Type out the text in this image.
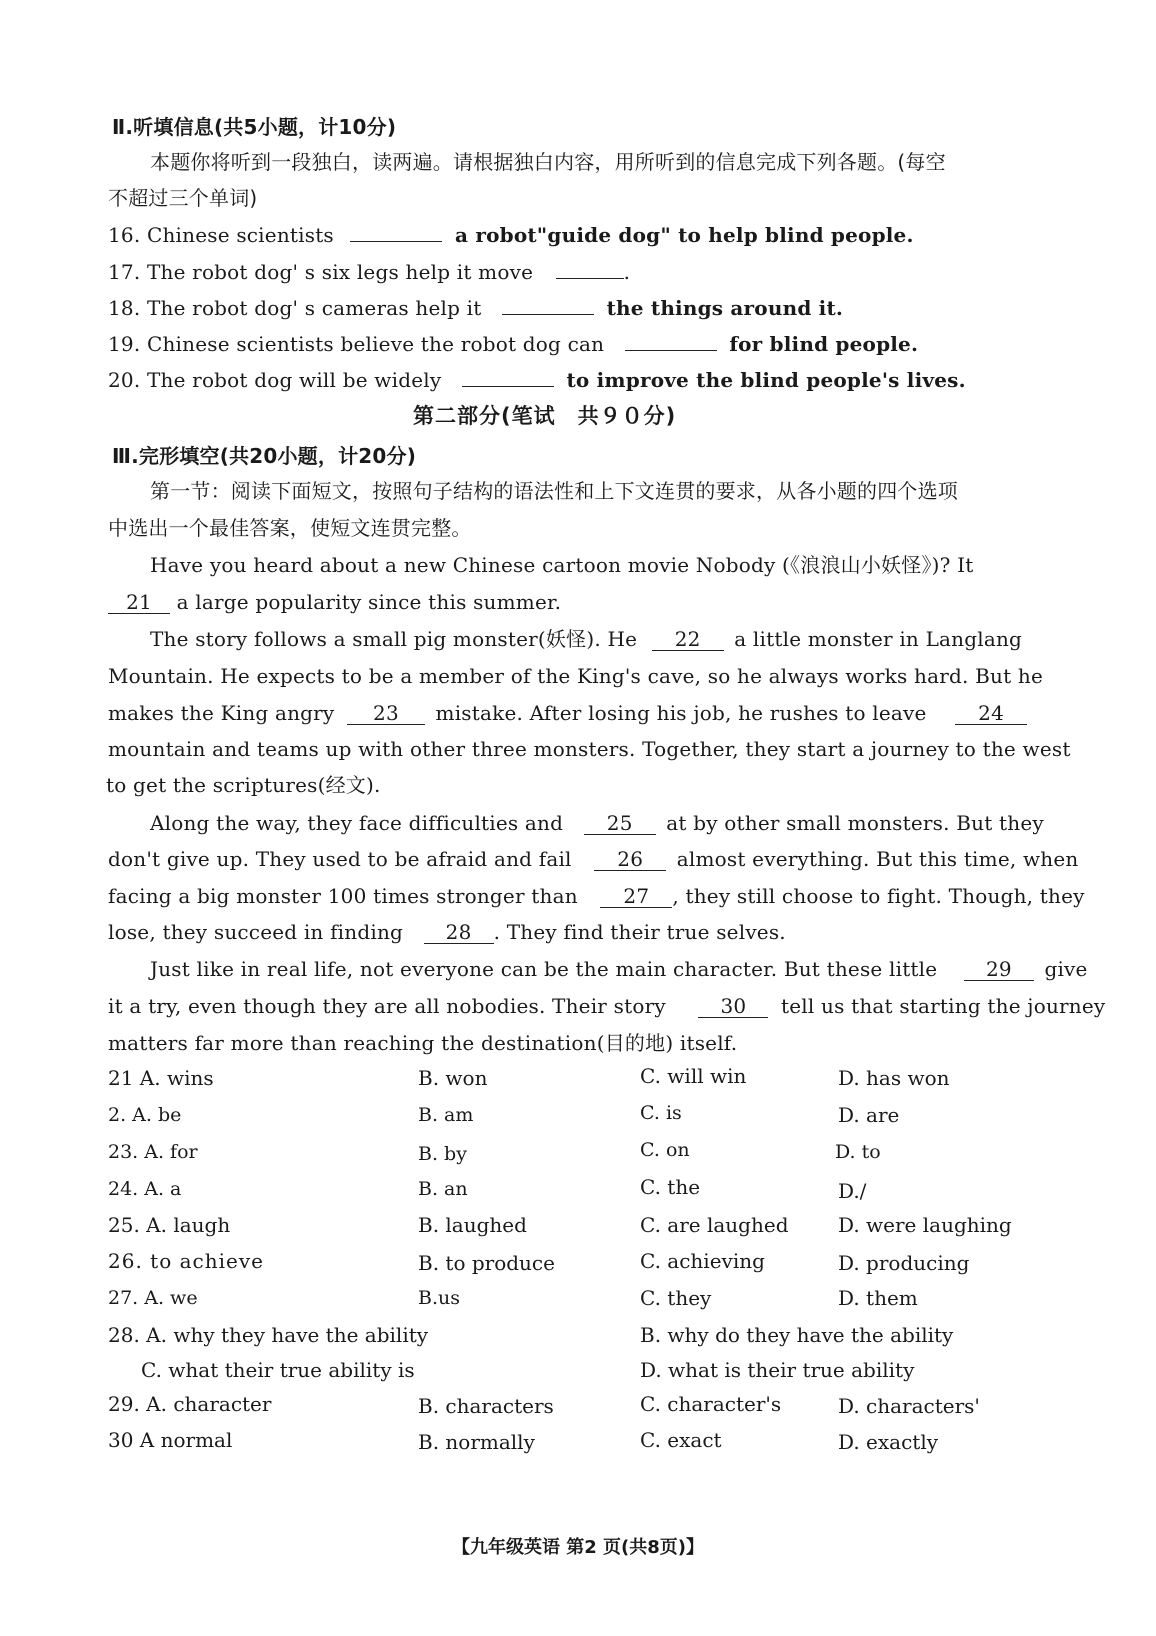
Ⅱ.听填信息(共5小题，计10分)
本题你将听到一段独白，读两遍。请根据独白内容，用所听到的信息完成下列各题。(每空
不超过三个单词)
16. Chinese scientists	a robot"guide dog" to help blind people.
17. The robot dog' s six legs help it move	.
18. The robot dog' s cameras help it	the things around it.
19. Chinese scientists believe the robot dog can	for blind people.
20. The robot dog will be widely	to improve the blind people's lives.
第二部分(笔试　共９０分)
Ⅲ.完形填空(共20小题，计20分)
第一节：阅读下面短文，按照句子结构的语法性和上下文连贯的要求，从各小题的四个选项
中选出一个最佳答案，使短文连贯完整。
Have you heard about a new Chinese cartoon movie Nobody (《浪浪山小妖怪》)? It
21 a large popularity since this summer.
The story follows a small pig monster(妖怪). He 22 a little monster in Langlang
Mountain. He expects to be a member of the King's cave, so he always works hard. But he
makes the King angry 23 mistake. After losing his job, he rushes to leave	24
mountain and teams up with other three monsters. Together, they start a journey to the west
to get the scriptures(经文).
Along the way, they face difficulties and 25 at by other small monsters. But they
don't give up. They used to be afraid and fail 26 almost everything. But this time, when
facing a big monster 100 times stronger than 27 , they still choose to fight. Though, they
lose, they succeed in finding 28 . They find their true selves.
Just like in real life, not everyone can be the main character. But these little 29 give
it a try, even though they are all nobodies. Their story	30 tell us that starting the journey
matters far more than reaching the destination(目的地) itself.
21 A. wins	B. won	C. will win	D. has won
2. A. be	B. am	C. is	D. are
23. A. for	B. by	C. on	D. to
24. A. a	B. an	C. the	D./
25. A. laugh	B. laughed	C. are laughed D. were laughing
26. to achieve	B. to produce	C. achieving	D. producing
27. A. we	B.us	C. they	D. them
28. A. why they have the ability	B. why do they have the ability
C. what their true ability is	D. what is their true ability
29. A. character	B. characters	C. character's	D. characters'
30 A normal	B. normally	C. exact	D. exactly
【九年级英语 第2 页(共8页)】
